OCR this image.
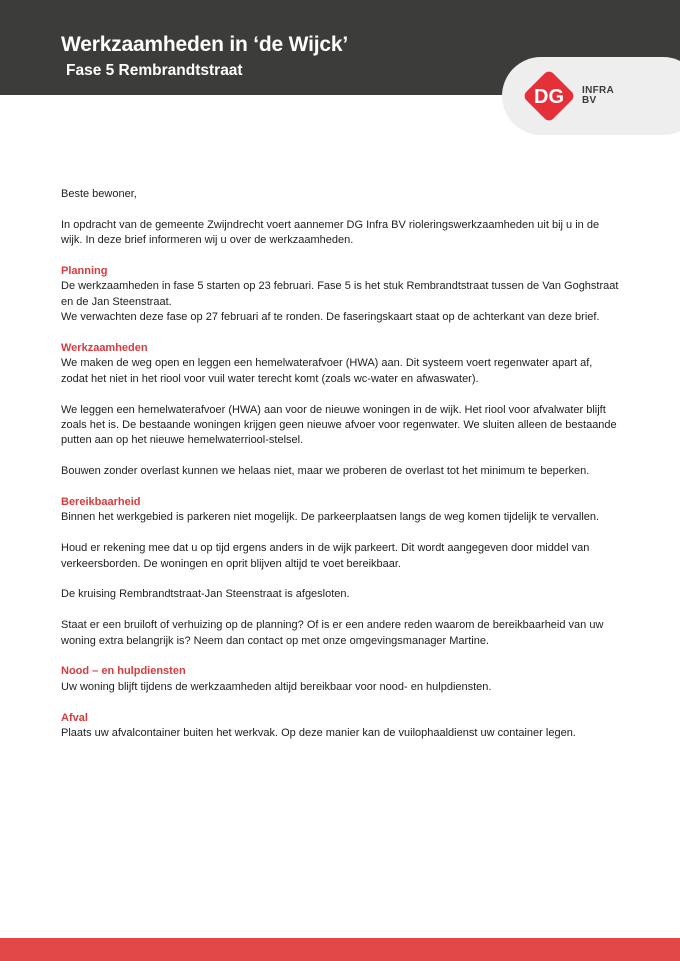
Werkzaamheden in ‘de Wijck’
Fase 5 Rembrandtstraat
DG INFRA
BV

Beste bewoner,

In opdracht van de gemeente Zwijndrecht voert aannemer DG Infra BV rioleringswerkzaamheden uit bij u in de wijk. In deze brief informeren wij u over de werkzaamheden.

Planning
De werkzaamheden in fase 5 starten op 23 februari. Fase 5 is het stuk Rembrandtstraat tussen de Van Goghstraat en de Jan Steenstraat.

We verwachten deze fase op 27 februari af te ronden. De faseringskaart staat op de achterkant van deze brief.

Werkzaamheden

We maken de weg open en leggen een hemelwaterafvoer (HWA) aan. Dit systeem voert regenwater apart af, zodat het niet in het riool voor vuil water terecht komt (zoals wc-water en afwaswater).

We leggen een hemelwaterafvoer (HWA) aan voor de nieuwe woningen in de wijk. Het riool voor afvalwater blijft zoals het is. De bestaande woningen krijgen geen nieuwe afvoer voor regenwater. We sluiten alleen de bestaande putten aan op het nieuwe hemelwaterriool-stelsel.

Bouwen zonder overlast kunnen we helaas niet, maar we proberen de overlast tot het minimum te beperken.

Bereikbaarheid

Binnen het werkgebied is parkeren niet mogelijk. De parkeerplaatsen langs de weg komen tijdelijk te vervallen.

Houd er rekening mee dat u op tijd ergens anders in de wijk parkeert. Dit wordt aangegeven door middel van verkeersborden. De woningen en oprit blijven altijd te voet bereikbaar.

De kruising Rembrandtstraat-Jan Steenstraat is afgesloten.

Staat er een bruiloft of verhuizing op de planning? Of is er een andere reden waarom de bereikbaarheid van uw woning extra belangrijk is? Neem dan contact op met onze omgevingsmanager Martine.

Nood – en hulpdiensten

Uw woning blijft tijdens de werkzaamheden altijd bereikbaar voor nood- en hulpdiensten.

Afval

Plaats uw afvalcontainer buiten het werkvak. Op deze manier kan de vuilophaaldienst uw container legen.
